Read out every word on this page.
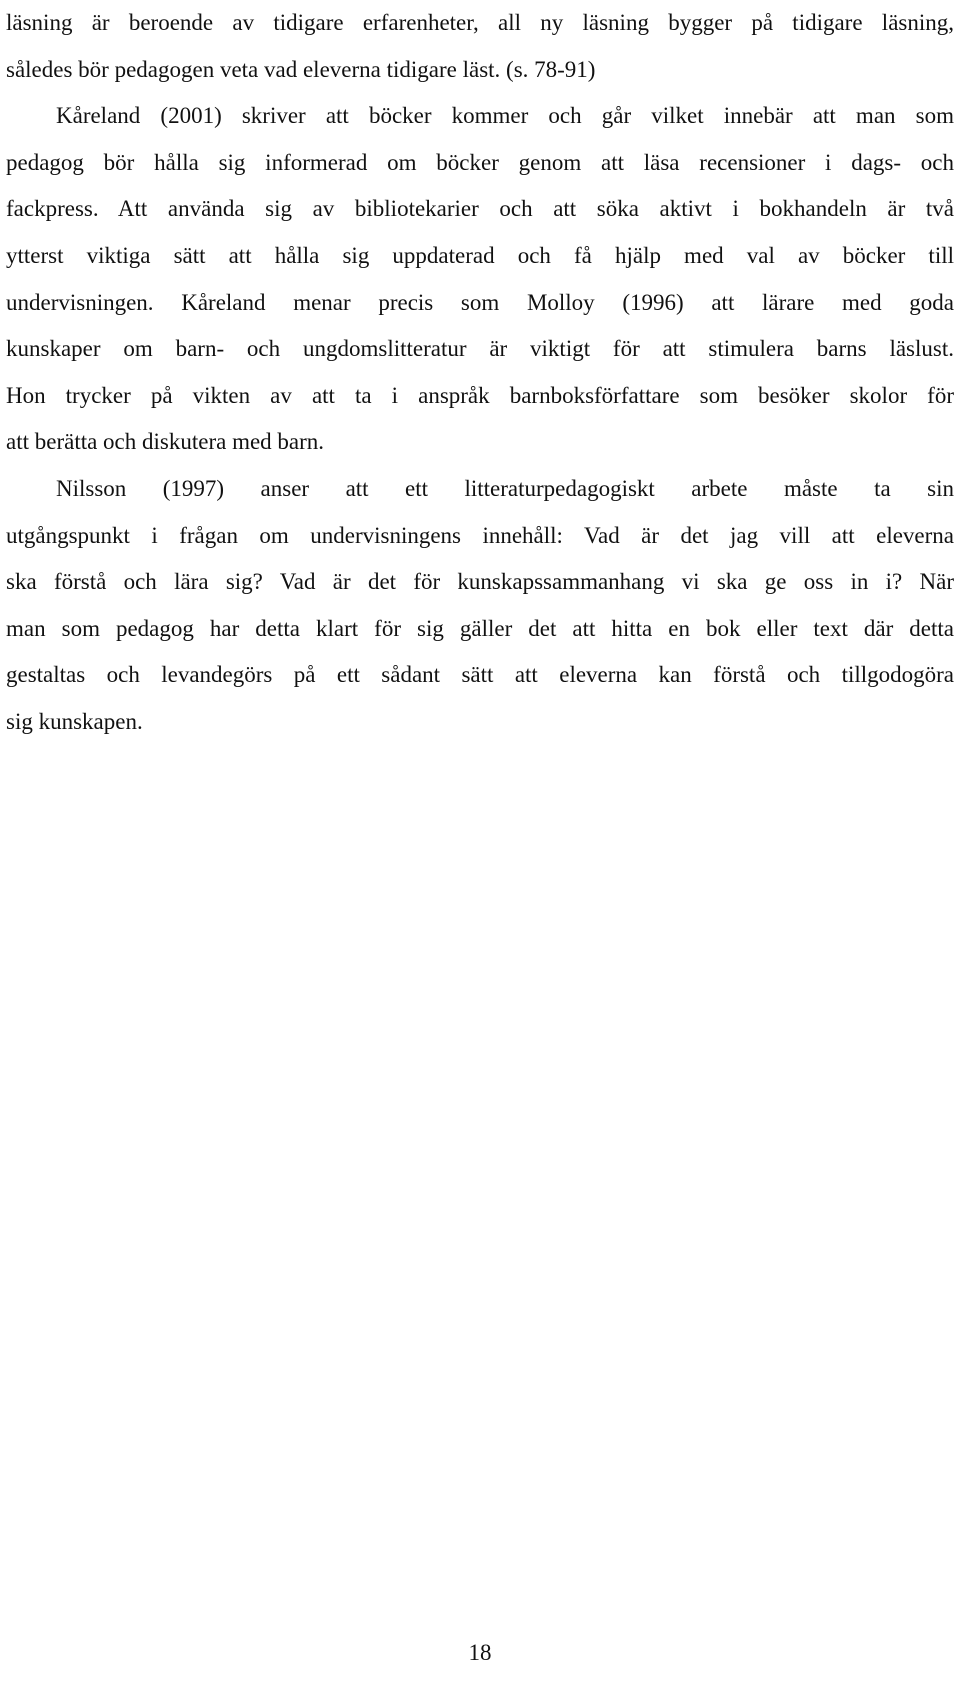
läsning är beroende av tidigare erfarenheter, all ny läsning bygger på tidigare läsning,
således bör pedagogen veta vad eleverna tidigare läst. (s. 78-91)

Kåreland (2001) skriver att böcker kommer och går vilket innebär att man som
pedagog bör hålla sig informerad om böcker genom att läsa recensioner i dags- och
fackpress. Att använda sig av bibliotekarier och att söka aktivt i bokhandeln är två
ytterst viktiga sätt att hålla sig uppdaterad och få hjälp med val av böcker till
undervisningen. Kåreland menar precis som Molloy (1996) att lärare med goda
kunskaper om barn- och ungdomslitteratur är viktigt för att stimulera barns läslust.
Hon trycker på vikten av att ta i anspråk barnboksförfattare som besöker skolor för
att berätta och diskutera med barn.

Nilsson (1997) anser att ett litteraturpedagogiskt arbete måste ta sin
utgångspunkt i frågan om undervisningens innehåll: Vad är det jag vill att eleverna
ska förstå och lära sig? Vad är det för kunskapssammanhang vi ska ge oss in i? När
man som pedagog har detta klart för sig gäller det att hitta en bok eller text där detta
gestaltas och levandegörs på ett sådant sätt att eleverna kan förstå och tillgodogöra
sig kunskapen.

18
